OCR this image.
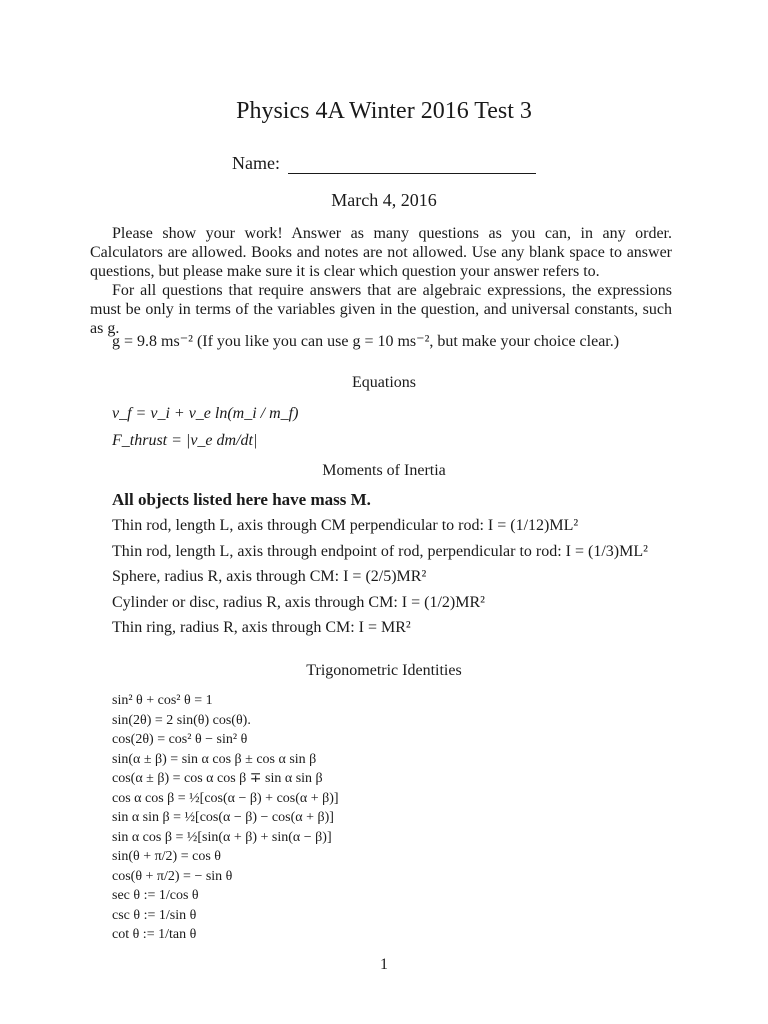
Physics 4A Winter 2016 Test 3
Name:
March 4, 2016
Please show your work! Answer as many questions as you can, in any order. Calculators are allowed. Books and notes are not allowed. Use any blank space to answer questions, but please make sure it is clear which question your answer refers to.
For all questions that require answers that are algebraic expressions, the expressions must be only in terms of the variables given in the question, and universal constants, such as g.
g = 9.8 ms⁻² (If you like you can use g = 10 ms⁻², but make your choice clear.)
Equations
v_f = v_i + v_e ln(m_i / m_f)
F_thrust = |v_e dm/dt|
Moments of Inertia
All objects listed here have mass M.
Thin rod, length L, axis through CM perpendicular to rod: I = (1/12)ML²
Thin rod, length L, axis through endpoint of rod, perpendicular to rod: I = (1/3)ML²
Sphere, radius R, axis through CM: I = (2/5)MR²
Cylinder or disc, radius R, axis through CM: I = (1/2)MR²
Thin ring, radius R, axis through CM: I = MR²
Trigonometric Identities
sin² θ + cos² θ = 1
sin(2θ) = 2 sin(θ) cos(θ).
cos(2θ) = cos² θ − sin² θ
sin(α ± β) = sin α cos β ± cos α sin β
cos(α ± β) = cos α cos β ∓ sin α sin β
cos α cos β = ½[cos(α − β) + cos(α + β)]
sin α sin β = ½[cos(α − β) − cos(α + β)]
sin α cos β = ½[sin(α + β) + sin(α − β)]
sin(θ + π/2) = cos θ
cos(θ + π/2) = − sin θ
sec θ := 1/cos θ
csc θ := 1/sin θ
cot θ := 1/tan θ
1
